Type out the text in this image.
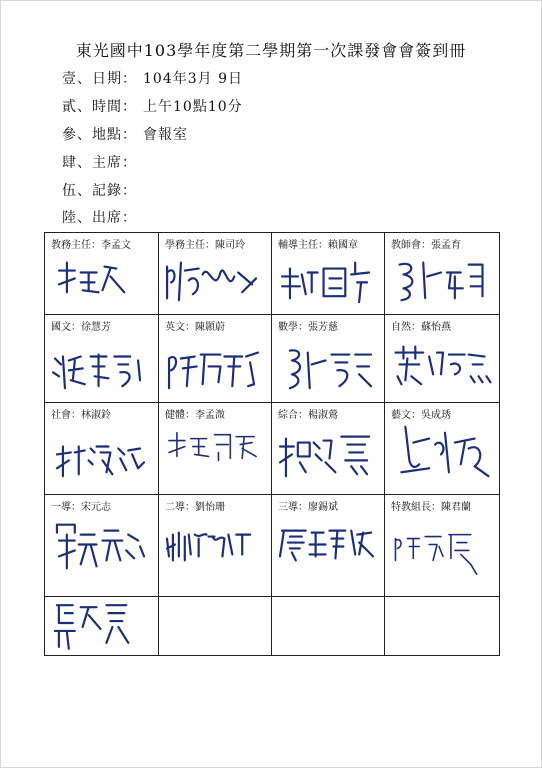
東光國中103學年度第二學期第一次課發會會簽到冊
壹、日期： 104年3月 9日
貳、時間： 上午10點10分
參、地點： 會報室
肆、主席：
伍、記錄：
陸、出席：
教務主任：李孟文	學務主任：陳司玲	輔導主任：賴國章	教師會：張孟育
國文：徐慧芳	英文：陳顥蔚	數學：張芳慈	自然：蘇怡燕
社會：林淑鈴	健體：李孟溦	綜合：楊淑鶯	藝文：吳成琇
一導：宋元志	二導：劉怡珊	三導：廖錫斌	特教組長：陳君蘭
